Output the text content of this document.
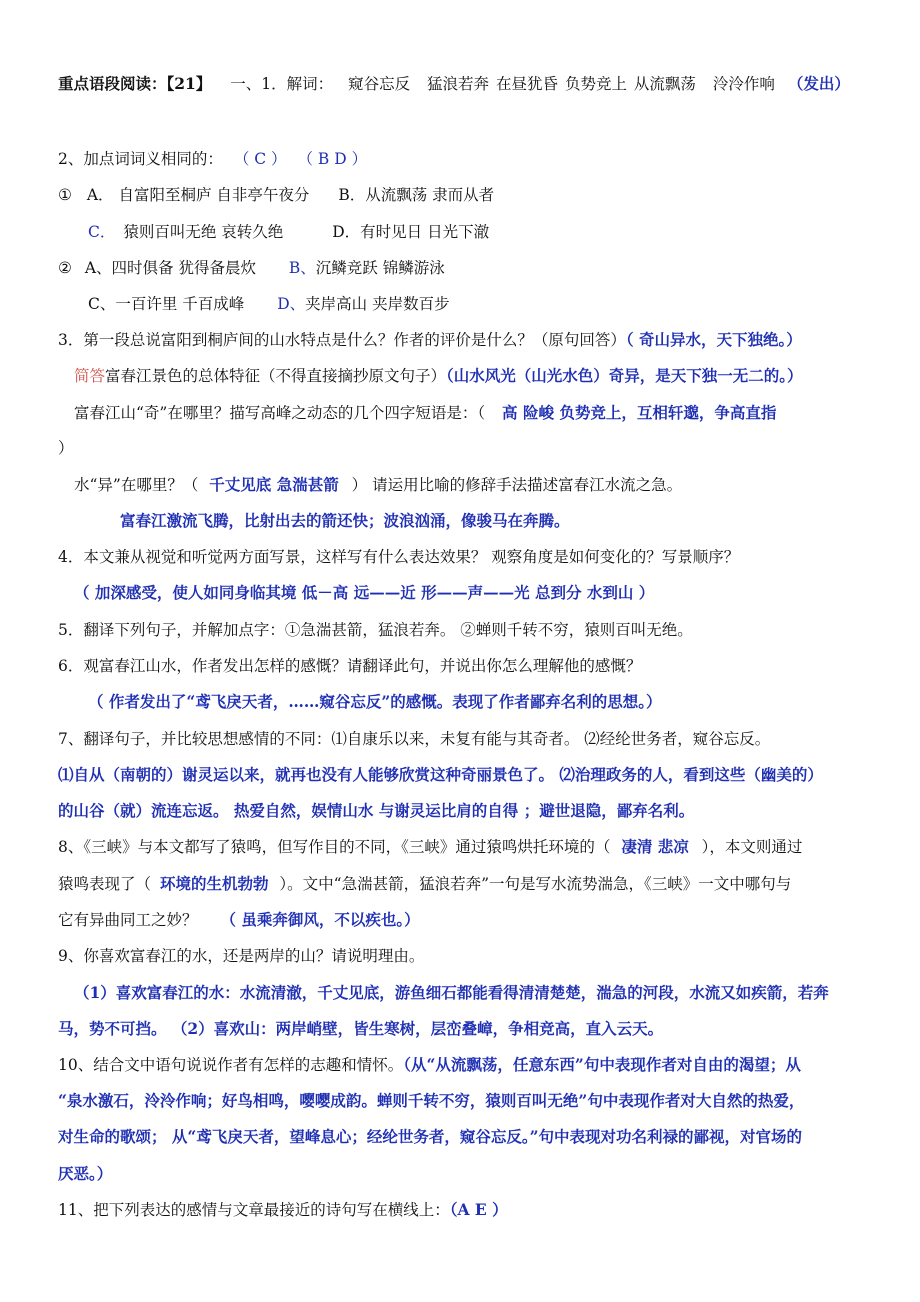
重点语段阅读：【21】 一、1．解词： 窥谷忘反 猛浪若奔 在昼犹昏 负势竞上 从流飘荡 泠泠作响 （发出）
2、加点词词义相同的： （ C ） （ B D ）
① A． 自富阳至桐庐 自非亭午夜分 B．从流飘荡 隶而从者
C． 猿则百叫无绝 哀转久绝	D．有时见日 日光下澈
② A、四时俱备 犹得备晨炊 B、沉鳞竞跃 锦鳞游泳
C、一百许里 千百成峰 D、夹岸高山 夹岸数百步
3．第一段总说富阳到桐庐间的山水特点是什么？作者的评价是什么？（原句回答）（ 奇山异水，天下独绝。）
简答富春江景色的总体特征（不得直接摘抄原文句子）（山水风光（山光水色）奇异，是天下独一无二的。）
富春江山“奇”在哪里？描写高峰之动态的几个四字短语是：（ 高 险峻 负势竞上，互相轩邈，争高直指
）
水“异”在哪里？（ 千丈见底 急湍甚箭 ） 请运用比喻的修辞手法描述富春江水流之急。
富春江激流飞腾，比射出去的箭还快；波浪汹涌，像骏马在奔腾。
4．本文兼从视觉和听觉两方面写景，这样写有什么表达效果？ 观察角度是如何变化的？写景顺序？
（ 加深感受，使人如同身临其境 低－高 远——近 形——声——光 总到分 水到山 ）
5．翻译下列句子，并解加点字：①急湍甚箭，猛浪若奔。 ②蝉则千转不穷，猿则百叫无绝。
6．观富春江山水，作者发出怎样的感慨？请翻译此句，并说出你怎么理解他的感慨？
（ 作者发出了“鸢飞戾天者，……窥谷忘反”的感慨。表现了作者鄙弃名利的思想。）
7、翻译句子，并比较思想感情的不同：⑴自康乐以来，未复有能与其奇者。 ⑵经纶世务者，窥谷忘反。
⑴自从（南朝的）谢灵运以来，就再也没有人能够欣赏这种奇丽景色了。 ⑵治理政务的人，看到这些（幽美的）
的山谷（就）流连忘返。 热爱自然，娱情山水 与谢灵运比肩的自得 ；避世退隐，鄙弃名利。
8、《三峡》与本文都写了猿鸣，但写作目的不同，《三峡》通过猿鸣烘托环境的（ 凄清 悲凉 ），本文则通过
猿鸣表现了（ 环境的生机勃勃 ）。文中“急湍甚箭，猛浪若奔”一句是写水流势湍急，《三峡》一文中哪句与
它有异曲同工之妙？ （ 虽乘奔御风，不以疾也。）
9、你喜欢富春江的水，还是两岸的山？请说明理由。
（1）喜欢富春江的水：水流清澈，千丈见底，游鱼细石都能看得清清楚楚，湍急的河段，水流又如疾箭，若奔
马，势不可挡。 （2）喜欢山：两岸峭壁，皆生寒树，层峦叠嶂，争相竞高，直入云天。
10、结合文中语句说说作者有怎样的志趣和情怀。（从“从流飘荡，任意东西”句中表现作者对自由的渴望；从
“泉水激石，泠泠作响；好鸟相鸣，嘤嘤成韵。蝉则千转不穷，猿则百叫无绝”句中表现作者对大自然的热爱，
对生命的歌颂； 从“鸢飞戾天者，望峰息心；经纶世务者，窥谷忘反。”句中表现对功名利禄的鄙视，对官场的
厌恶。）
11、把下列表达的感情与文章最接近的诗句写在横线上：（A E ）
